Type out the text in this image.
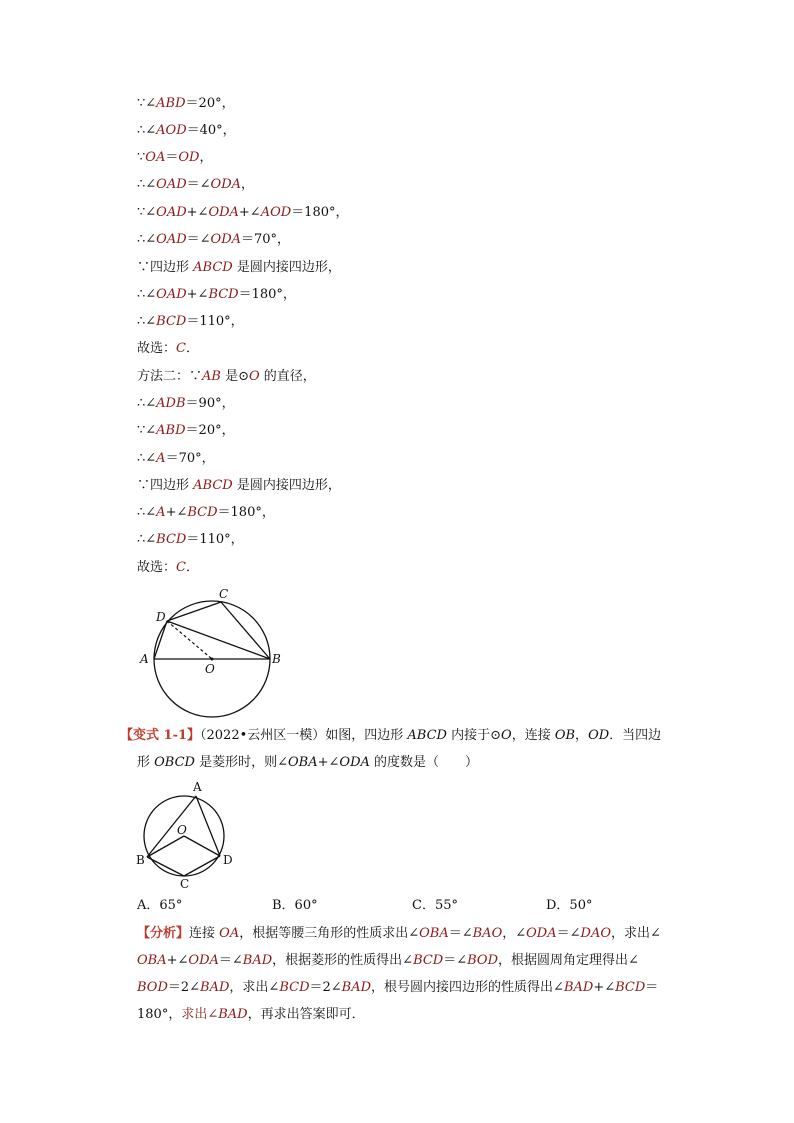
∵∠ABD＝20°，
∴∠AOD＝40°，
∵OA＝OD，
∴∠OAD＝∠ODA，
∵∠OAD+∠ODA+∠AOD＝180°，
∴∠OAD＝∠ODA＝70°，
∵四边形 ABCD 是圆内接四边形，
∴∠OAD+∠BCD＝180°，
∴∠BCD＝110°，
故选：C．
方法二：∵AB 是⊙O 的直径，
∴∠ADB＝90°，
∵∠ABD＝20°，
∴∠A＝70°，
∵四边形 ABCD 是圆内接四边形，
∴∠A+∠BCD＝180°，
∴∠BCD＝110°，
故选：C．
D
C
A	B
O
【变式 1-1】（2022•云州区一模）如图，四边形 ABCD 内接于⊙O，连接 OB，OD．当四边
形 OBCD 是菱形时，则∠OBA+∠ODA 的度数是（　　）
A
O
B	D
C
A．65°	B．60°	C．55°	D．50°
【分析】连接 OA，根据等腰三角形的性质求出∠OBA＝∠BAO，∠ODA＝∠DAO，求出∠
OBA+∠ODA＝∠BAD，根据菱形的性质得出∠BCD＝∠BOD，根据圆周角定理得出∠
BOD＝2∠BAD，求出∠BCD＝2∠BAD，根号圆内接四边形的性质得出∠BAD+∠BCD＝
180°，求出∠BAD，再求出答案即可．
